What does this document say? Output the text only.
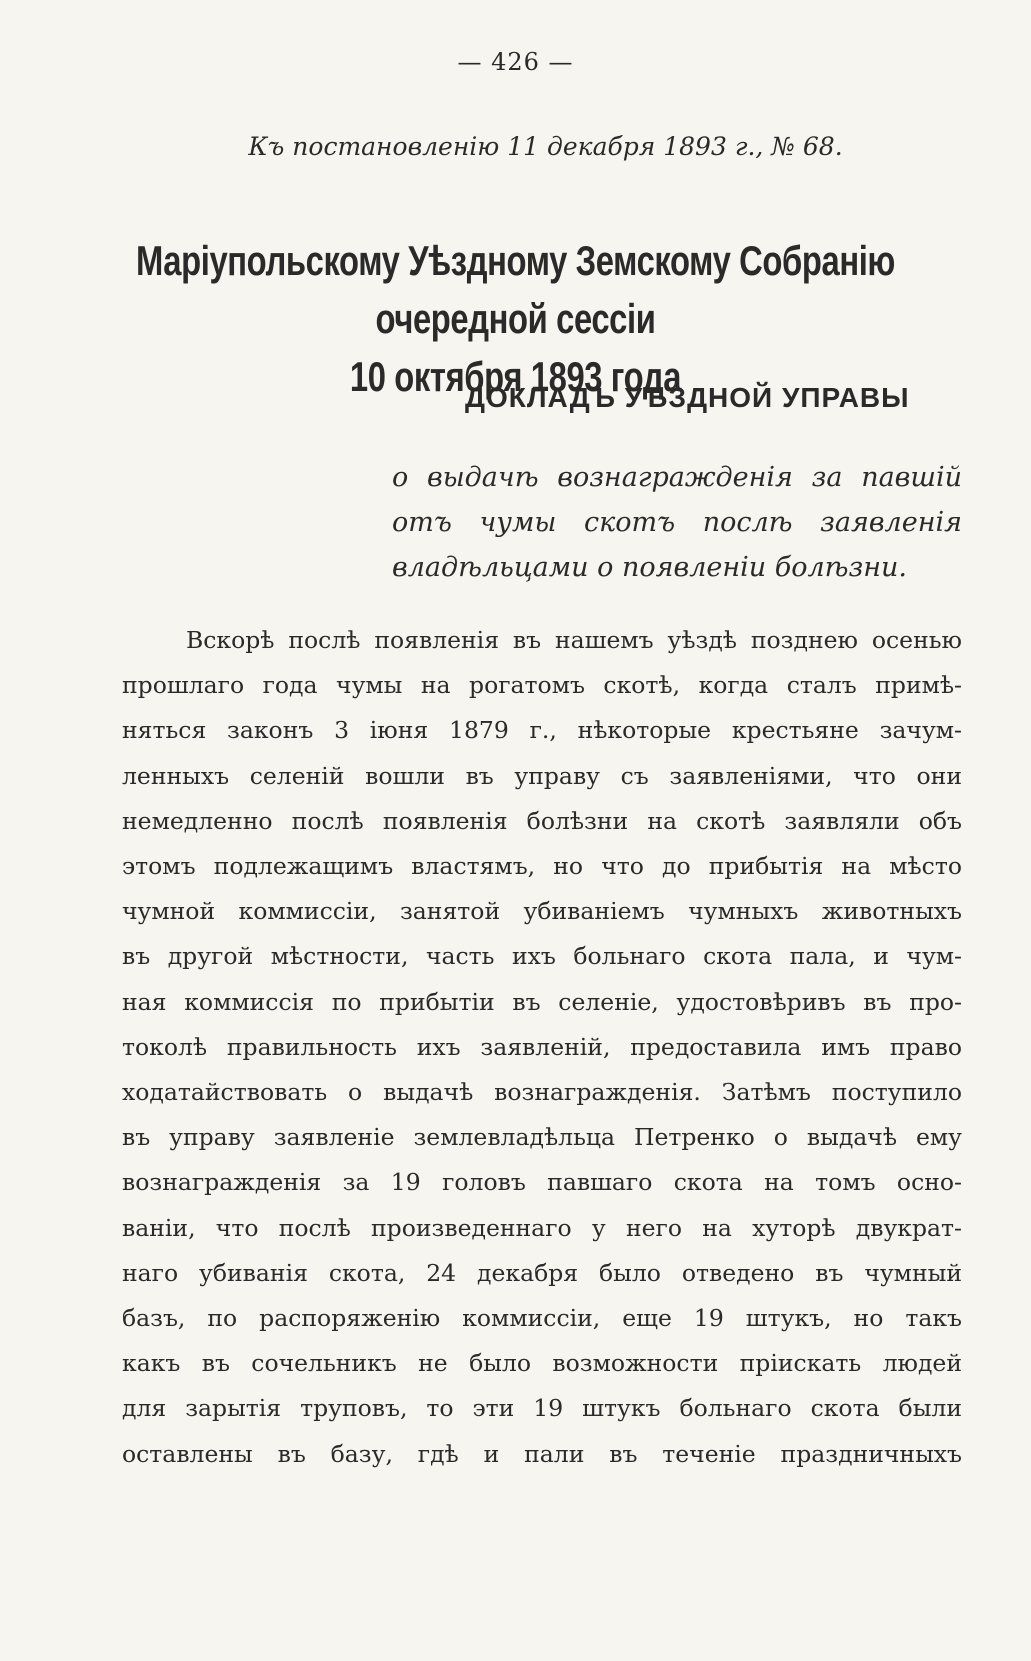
— 426 —
Къ постановленію 11 декабря 1893 г., № 68.
Маріупольскому Уѣздному Земскому Собранію очередной сессіи
10 октября 1893 года
ДОКЛАДЪ УѢЗДНОЙ УПРАВЫ
о выдачѣ вознагражденія за павшій отъ чумы скотъ послѣ заявленія владѣльцами о появленіи болѣзни.
Вскорѣ послѣ появленія въ нашемъ уѣздѣ позднею осенью
прошлаго года чумы на рогатомъ скотѣ, когда сталъ примѣ-
няться законъ 3 іюня 1879 г., нѣкоторые крестьяне зачум-
ленныхъ селеній вошли въ управу съ заявленіями, что они
немедленно послѣ появленія болѣзни на скотѣ заявляли объ
этомъ подлежащимъ властямъ, но что до прибытія на мѣсто
чумной коммиссіи, занятой убиваніемъ чумныхъ животныхъ
въ другой мѣстности, часть ихъ больнаго скота пала, и чум-
ная коммиссія по прибытіи въ селеніе, удостовѣривъ въ про-
токолѣ правильность ихъ заявленій, предоставила имъ право
ходатайствовать о выдачѣ вознагражденія. Затѣмъ поступило
въ управу заявленіе землевладѣльца Петренко о выдачѣ ему
вознагражденія за 19 головъ павшаго скота на томъ осно-
ваніи, что послѣ произведеннаго у него на хуторѣ двукрат-
наго убиванія скота, 24 декабря было отведено въ чумный
базъ, по распоряженію коммиссіи, еще 19 штукъ, но такъ
какъ въ сочельникъ не было возможности пріискать людей
для зарытія труповъ, то эти 19 штукъ больнаго скота были
оставлены въ базу, гдѣ и пали въ теченіе праздничныхъ
